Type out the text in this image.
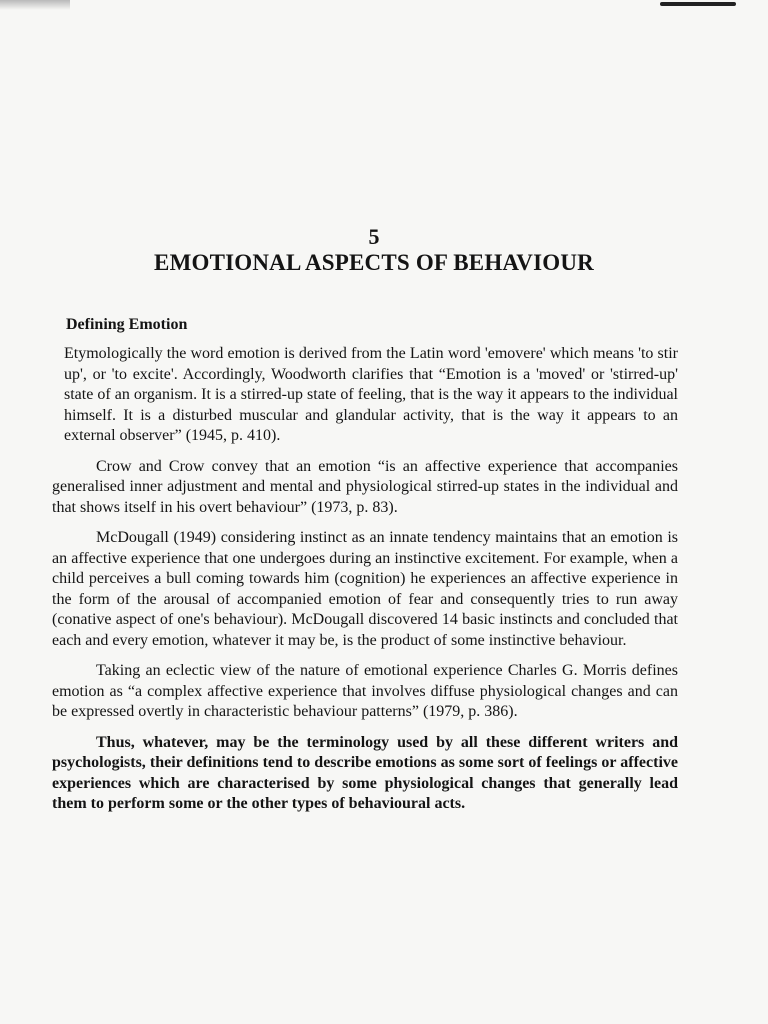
5
EMOTIONAL ASPECTS OF BEHAVIOUR
Defining Emotion

Etymologically the word emotion is derived from the Latin word 'emovere' which means 'to stir up', or 'to excite'. Accordingly, Woodworth clarifies that “Emotion is a 'moved' or 'stirred-up' state of an organism. It is a stirred-up state of feeling, that is the way it appears to the individual himself. It is a disturbed muscular and glandular activity, that is the way it appears to an external observer” (1945, p. 410).

Crow and Crow convey that an emotion “is an affective experience that accompanies generalised inner adjustment and mental and physiological stirred-up states in the individual and that shows itself in his overt behaviour” (1973, p. 83).

McDougall (1949) considering instinct as an innate tendency maintains that an emotion is an affective experience that one undergoes during an instinctive excitement. For example, when a child perceives a bull coming towards him (cognition) he experiences an affective experience in the form of the arousal of accompanied emotion of fear and consequently tries to run away (conative aspect of one's behaviour). McDougall discovered 14 basic instincts and concluded that each and every emotion, whatever it may be, is the product of some instinctive behaviour.

Taking an eclectic view of the nature of emotional experience Charles G. Morris defines emotion as “a complex affective experience that involves diffuse physiological changes and can be expressed overtly in characteristic behaviour patterns” (1979, p. 386).

Thus, whatever, may be the terminology used by all these different writers and psychologists, their definitions tend to describe emotions as some sort of feelings or affective experiences which are characterised by some physiological changes that generally lead them to perform some or the other types of behavioural acts.
